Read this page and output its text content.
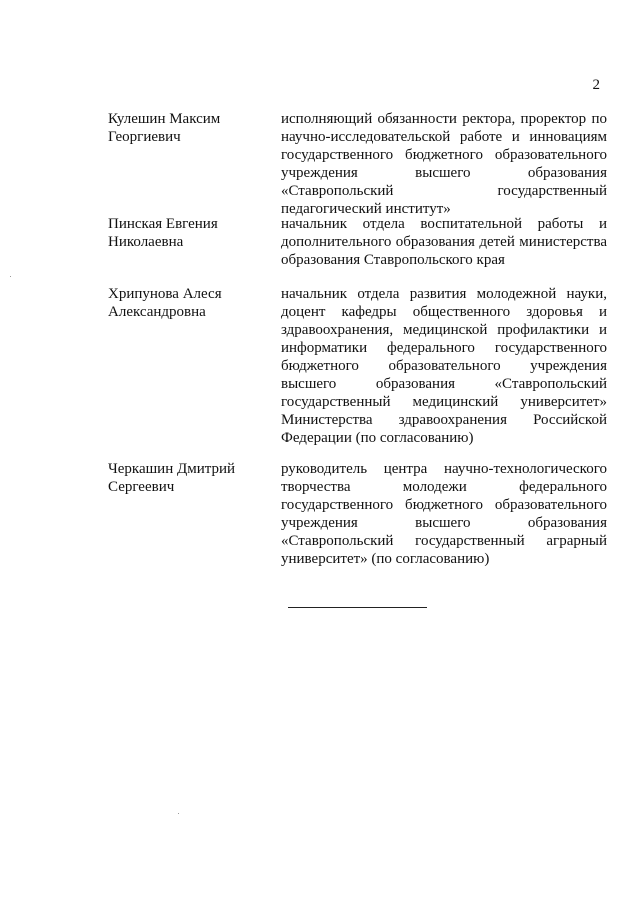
2
Кулешин Максим
Георгиевич
исполняющий обязанности ректора, проректор по научно-исследовательской работе и инновациям государственного бюджетного образовательного учреждения высшего образования «Ставропольский государственный педагогический институт»
Пинская Евгения
Николаевна
начальник отдела воспитательной работы и дополнительного образования детей министерства образования Ставропольского края
Хрипунова Алеся
Александровна
начальник отдела развития молодежной науки, доцент кафедры общественного здоровья и здравоохранения, медицинской профилактики и информатики федерального государственного бюджетного образовательного учреждения высшего образования «Ставропольский государственный медицинский университет» Министерства здравоохранения Российской Федерации (по согласованию)
Черкашин Дмитрий
Сергеевич
руководитель центра научно-технологического творчества молодежи федерального государственного бюджетного образовательного учреждения высшего образования «Ставропольский государственный аграрный университет» (по согласованию)
